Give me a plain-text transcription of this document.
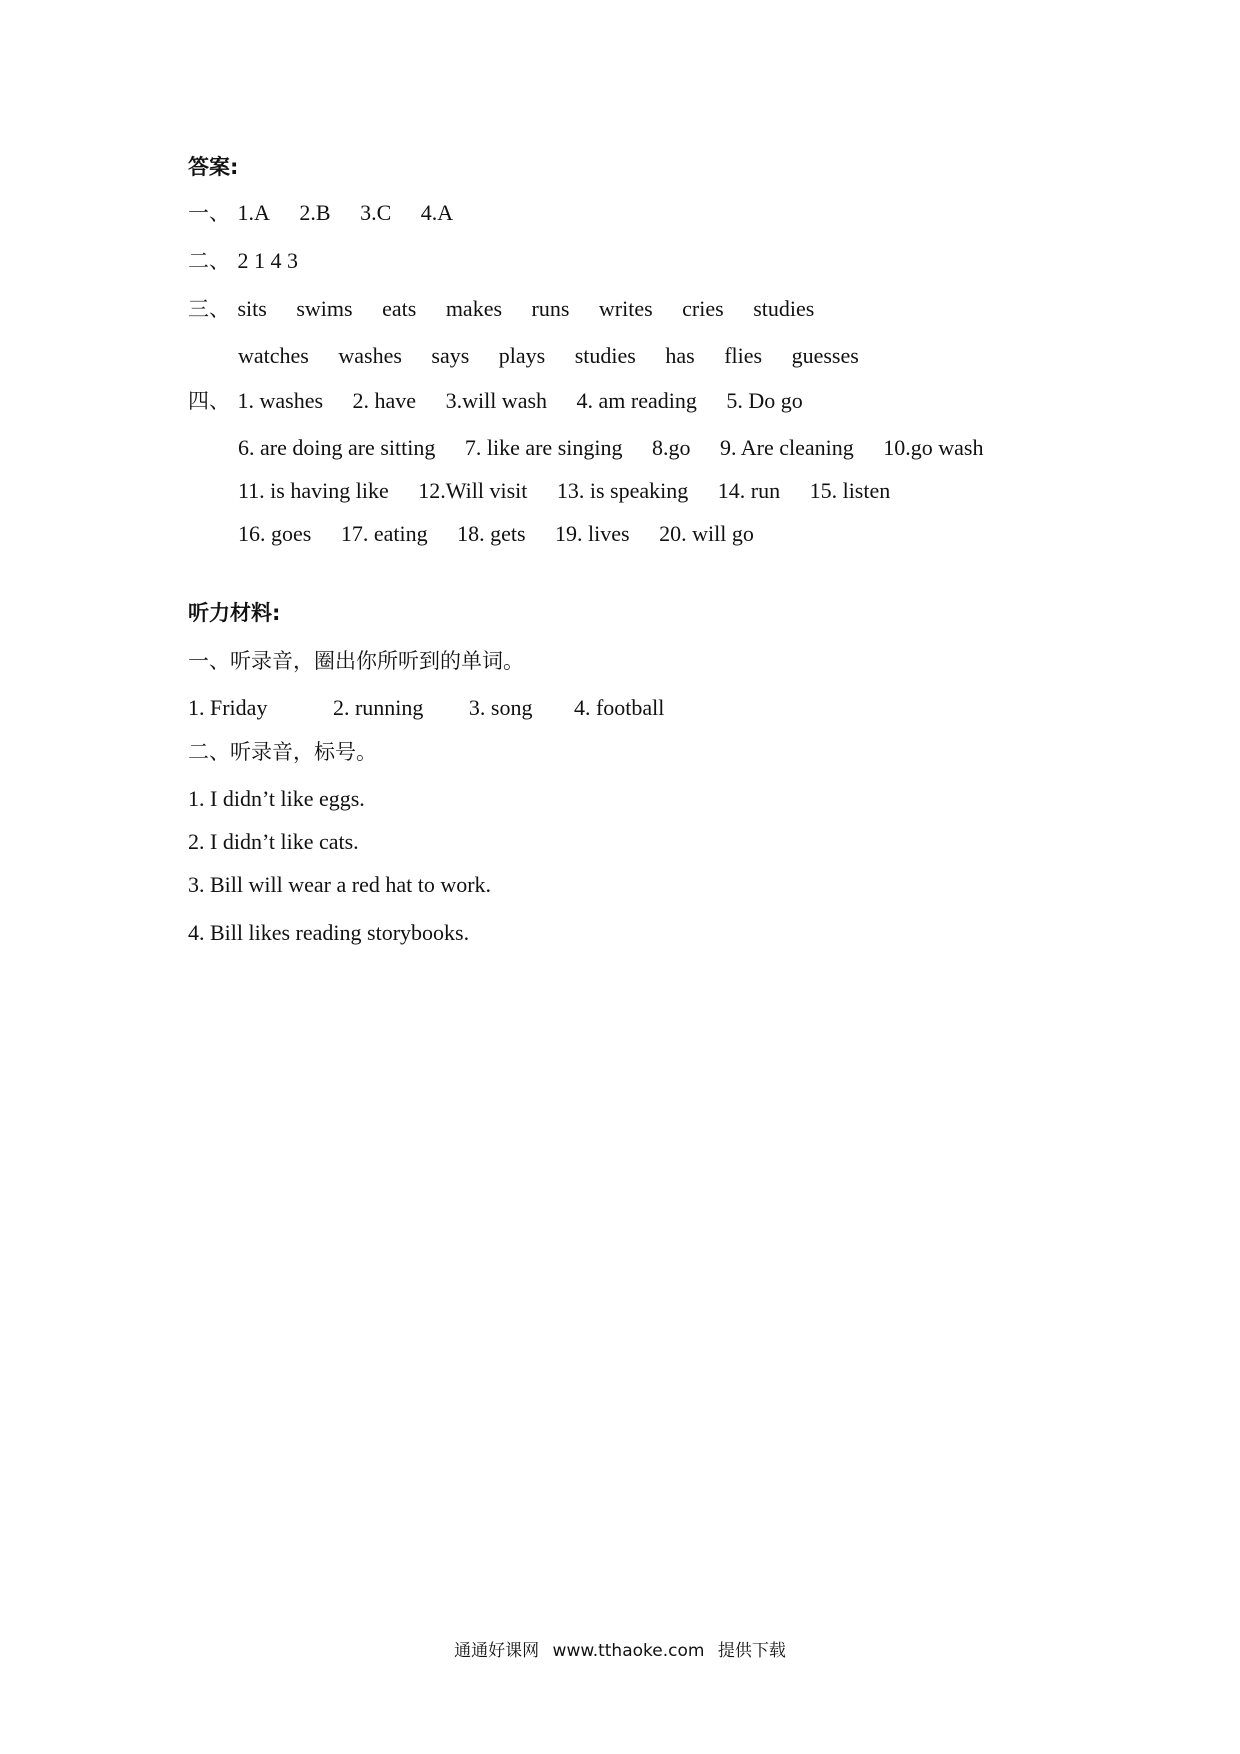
答案:
一、 1.A 2.B 3.C 4.A
二、 2 1 4 3
三、 sits swims eats makes runs writes cries studies
watches washes says plays studies has flies guesses
四、 1. washes 2. have 3.will wash 4. am reading 5. Do go
6. are doing are sitting 7. like are singing 8.go 9. Are cleaning 10.go wash
11. is having like 12.Will visit 13. is speaking 14. run 15. listen
16. goes 17. eating 18. gets 19. lives 20. will go
听力材料:
一、听录音，圈出你所听到的单词。
1. Friday	2. running 3. song 4. football
二、听录音，标号。
1. I didn’t like eggs.
2. I didn’t like cats.
3. Bill will wear a red hat to work.
4. Bill likes reading storybooks.
通通好课网 www.tthaoke.com 提供下载
